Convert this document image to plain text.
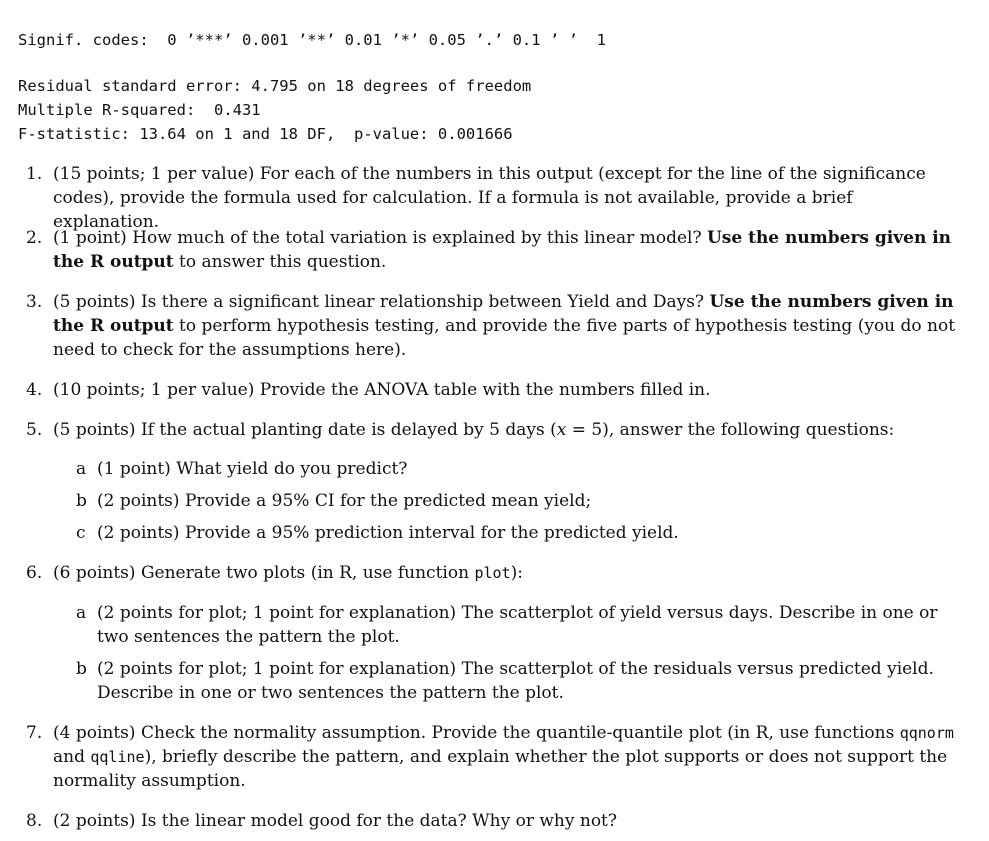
Signif. codes:  0 ’***’ 0.001 ’**’ 0.01 ’*’ 0.05 ’.’ 0.1 ’ ’  1
Residual standard error: 4.795 on 18 degrees of freedom
Multiple R-squared:  0.431
F-statistic: 13.64 on 1 and 18 DF,  p-value: 0.001666
1. (15 points; 1 per value) For each of the numbers in this output (except for the line of the significance codes), provide the formula used for calculation. If a formula is not available, provide a brief explanation.
2. (1 point) How much of the total variation is explained by this linear model? Use the numbers given in the R output to answer this question.
3. (5 points) Is there a significant linear relationship between Yield and Days? Use the numbers given in the R output to perform hypothesis testing, and provide the five parts of hypothesis testing (you do not need to check for the assumptions here).
4. (10 points; 1 per value) Provide the ANOVA table with the numbers filled in.
5. (5 points) If the actual planting date is delayed by 5 days (x = 5), answer the following questions:
a (1 point) What yield do you predict?
b (2 points) Provide a 95% CI for the predicted mean yield;
c (2 points) Provide a 95% prediction interval for the predicted yield.
6. (6 points) Generate two plots (in R, use function plot):
a (2 points for plot; 1 point for explanation) The scatterplot of yield versus days. Describe in one or two sentences the pattern the plot.
b (2 points for plot; 1 point for explanation) The scatterplot of the residuals versus predicted yield. Describe in one or two sentences the pattern the plot.
7. (4 points) Check the normality assumption. Provide the quantile-quantile plot (in R, use functions qqnorm and qqline), briefly describe the pattern, and explain whether the plot supports or does not support the normality assumption.
8. (2 points) Is the linear model good for the data? Why or why not?
